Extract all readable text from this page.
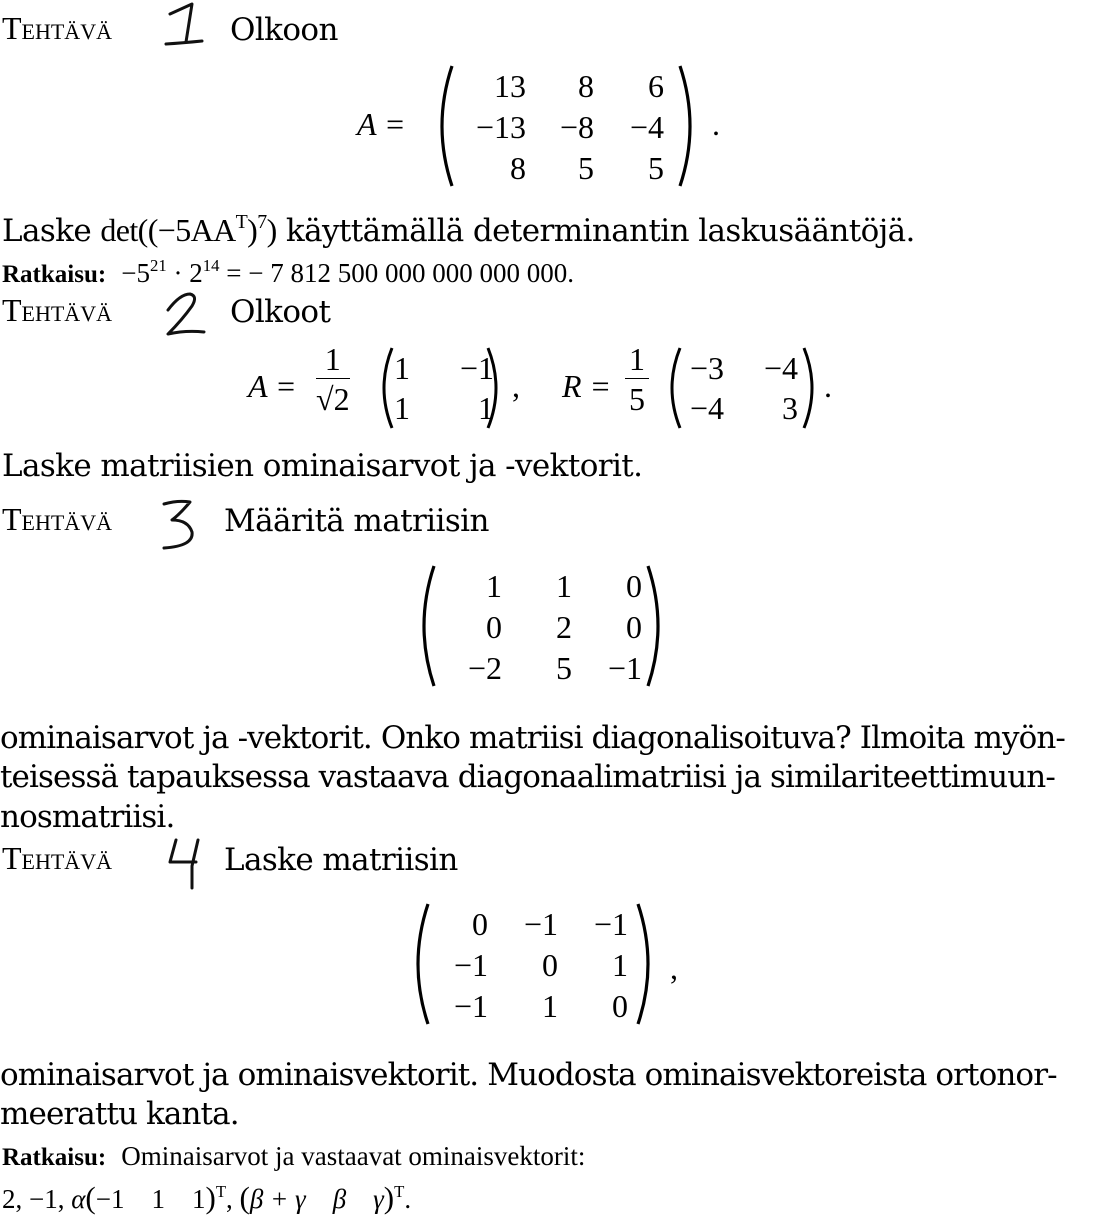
Tehtävä	Olkoon
A =
13	8	6
−13	−8	−4
8	5	5
.
Laske $\det((-5AA^T)^7)$ käyttämällä determinantin laskusääntöjä.
Ratkaisu: $-5^{21} \cdot 2^{14}$ = − 7 812 500 000 000 000 000.
Tehtävä	Olkoot
$A = \frac{1}{√2} 1$	−1
1	1
, $R = \frac{1}{5} -3$	−4
−4	3
.
Laske matriisien ominaisarvot ja -vektorit.
Tehtävä	Määritä matriisin
1	1	0
0	2	0
−2	5	−1
ominaisarvot ja -vektorit. Onko matriisi diagonalisoituva? Ilmoita myön-
teisessä tapauksessa vastaava diagonaalimatriisi ja similariteettimuun-
nosmatriisi.
Tehtävä	Laske matriisin
0	−1	−1
−1	0	1
−1	1	0
,
ominaisarvot ja ominaisvektorit. Muodosta ominaisvektoreista ortonor-
meerattu kanta.
Ratkaisu: Ominaisarvot ja vastaavat ominaisvektorit:
2, −1, α(−1 1 1)$^T$, (β + γ β γ)$^T$.
